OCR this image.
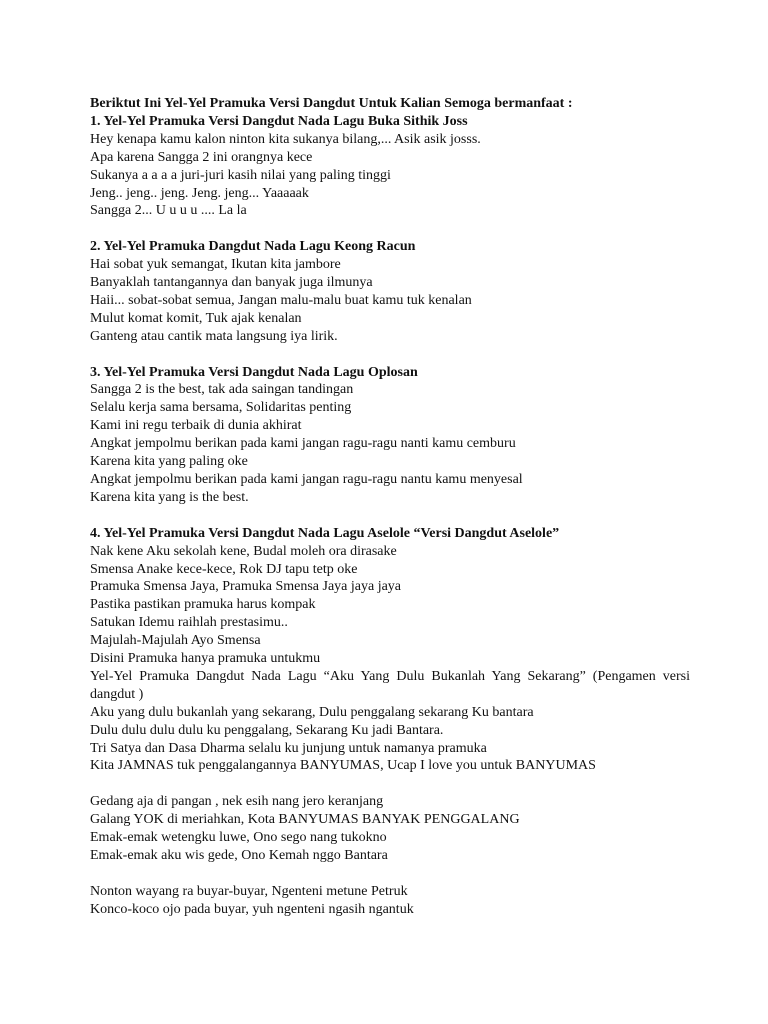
Beriktut Ini Yel-Yel Pramuka Versi Dangdut Untuk Kalian Semoga bermanfaat :

1. Yel-Yel Pramuka Versi Dangdut Nada Lagu Buka Sithik Joss

Hey kenapa kamu kalon ninton kita sukanya bilang,... Asik asik josss.

Apa karena Sangga 2 ini orangnya kece

Sukanya a a a a juri-juri kasih nilai yang paling tinggi

Jeng.. jeng.. jeng. Jeng. jeng... Yaaaaak

Sangga 2... U u u u .... La la

2. Yel-Yel Pramuka Dangdut Nada Lagu Keong Racun

Hai sobat yuk semangat, Ikutan kita jambore

Banyaklah tantangannya dan banyak juga ilmunya

Haii... sobat-sobat semua, Jangan malu-malu buat kamu tuk kenalan

Mulut komat komit, Tuk ajak kenalan

Ganteng atau cantik mata langsung iya lirik.

3. Yel-Yel Pramuka Versi Dangdut Nada Lagu Oplosan

Sangga 2 is the best, tak ada saingan tandingan

Selalu kerja sama bersama, Solidaritas penting

Kami ini regu terbaik di dunia akhirat

Angkat jempolmu berikan pada kami jangan ragu-ragu nanti kamu cemburu

Karena kita yang paling oke

Angkat jempolmu berikan pada kami jangan ragu-ragu nantu kamu menyesal

Karena kita yang is the best.

4. Yel-Yel Pramuka Versi Dangdut Nada Lagu Aselole “Versi Dangdut Aselole”

Nak kene Aku sekolah kene, Budal moleh ora dirasake

Smensa Anake kece-kece, Rok DJ tapu tetp oke

Pramuka Smensa Jaya, Pramuka Smensa Jaya jaya jaya

Pastika pastikan pramuka harus kompak

Satukan Idemu raihlah prestasimu..

Majulah-Majulah Ayo Smensa

Disini Pramuka hanya pramuka untukmu

Yel-Yel Pramuka Dangdut Nada Lagu “Aku Yang Dulu Bukanlah Yang Sekarang” (Pengamen versi dangdut )

Aku yang dulu bukanlah yang sekarang, Dulu penggalang sekarang Ku bantara

Dulu dulu dulu dulu ku penggalang, Sekarang Ku jadi Bantara.

Tri Satya dan Dasa Dharma selalu ku junjung untuk namanya pramuka

Kita JAMNAS tuk penggalangannya BANYUMAS, Ucap I love you untuk BANYUMAS

Gedang aja di pangan , nek esih nang jero keranjang

Galang YOK di meriahkan, Kota BANYUMAS BANYAK PENGGALANG

Emak-emak wetengku luwe, Ono sego nang tukokno

Emak-emak aku wis gede, Ono Kemah nggo Bantara

Nonton wayang ra buyar-buyar, Ngenteni metune Petruk

Konco-koco ojo pada buyar, yuh ngenteni ngasih ngantuk
